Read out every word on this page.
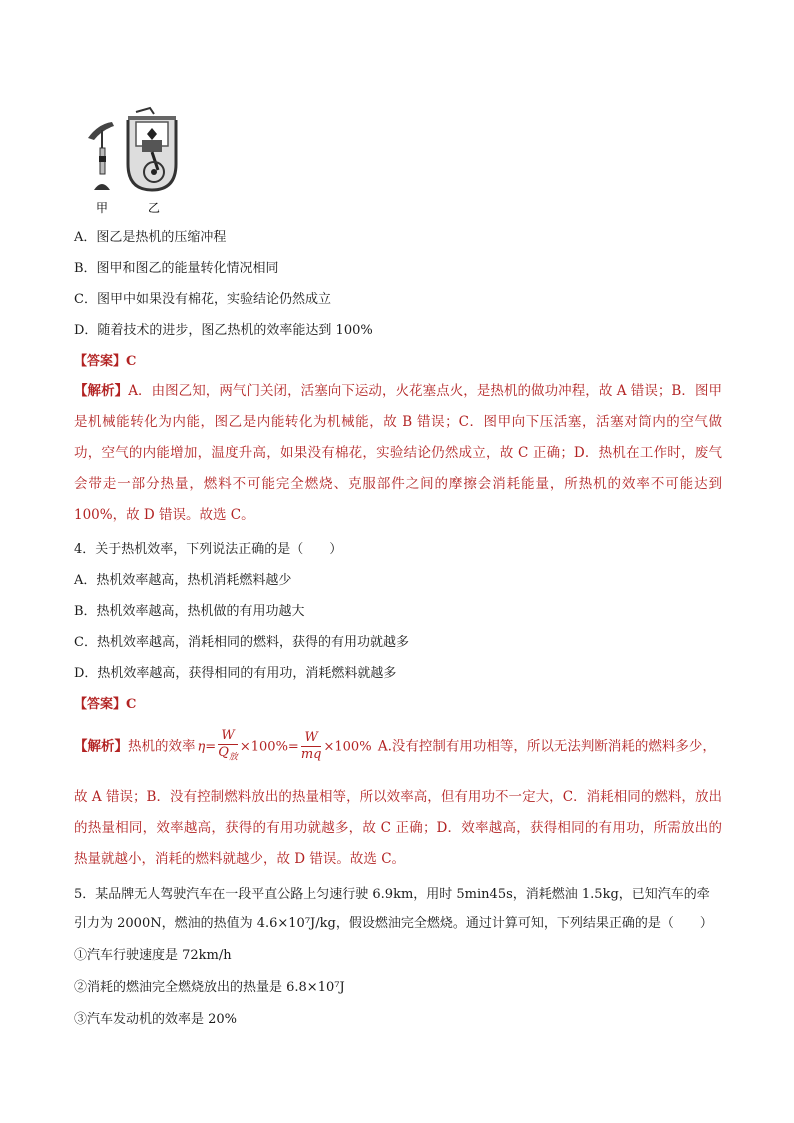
甲	乙
A．图乙是热机的压缩冲程
B．图甲和图乙的能量转化情况相同
C．图甲中如果没有棉花，实验结论仍然成立
D．随着技术的进步，图乙热机的效率能达到 100%
【答案】C
【解析】A．由图乙知，两气门关闭，活塞向下运动，火花塞点火，是热机的做功冲程，故 A 错误；B．图甲是机械能转化为内能，图乙是内能转化为机械能，故 B 错误；C．图甲向下压活塞，活塞对筒内的空气做功，空气的内能增加，温度升高，如果没有棉花，实验结论仍然成立，故 C 正确；D．热机在工作时，废气会带走一部分热量，燃料不可能完全燃烧、克服部件之间的摩擦会消耗能量，所热机的效率不可能达到 100%，故 D 错误。故选 C。
4．关于热机效率，下列说法正确的是（　　）
A．热机效率越高，热机消耗燃料越少
B．热机效率越高，热机做的有用功越大
C．热机效率越高，消耗相同的燃料，获得的有用功就越多
D．热机效率越高，获得相同的有用功，消耗燃料就越多
【答案】C
【解析】热机的效率 $\eta= \frac{W}{Q_放} \times 100\%= \frac{W}{mq} \times 100\%$ A.没有控制有用功相等，所以无法判断消耗的燃料多少，
故 A 错误；B．没有控制燃料放出的热量相等，所以效率高，但有用功不一定大，C．消耗相同的燃料，放出的热量相同，效率越高，获得的有用功就越多，故 C 正确；D．效率越高，获得相同的有用功，所需放出的热量就越小，消耗的燃料就越少，故 D 错误。故选 C。
5．某品牌无人驾驶汽车在一段平直公路上匀速行驶 6.9km，用时 5min45s，消耗燃油 1.5kg，已知汽车的牵
引力为 2000N，燃油的热值为 4.6×10⁷J/kg，假设燃油完全燃烧。通过计算可知，下列结果正确的是（　　）
①汽车行驶速度是 72km/h
②消耗的燃油完全燃烧放出的热量是 6.8×10⁷J
③汽车发动机的效率是 20%
